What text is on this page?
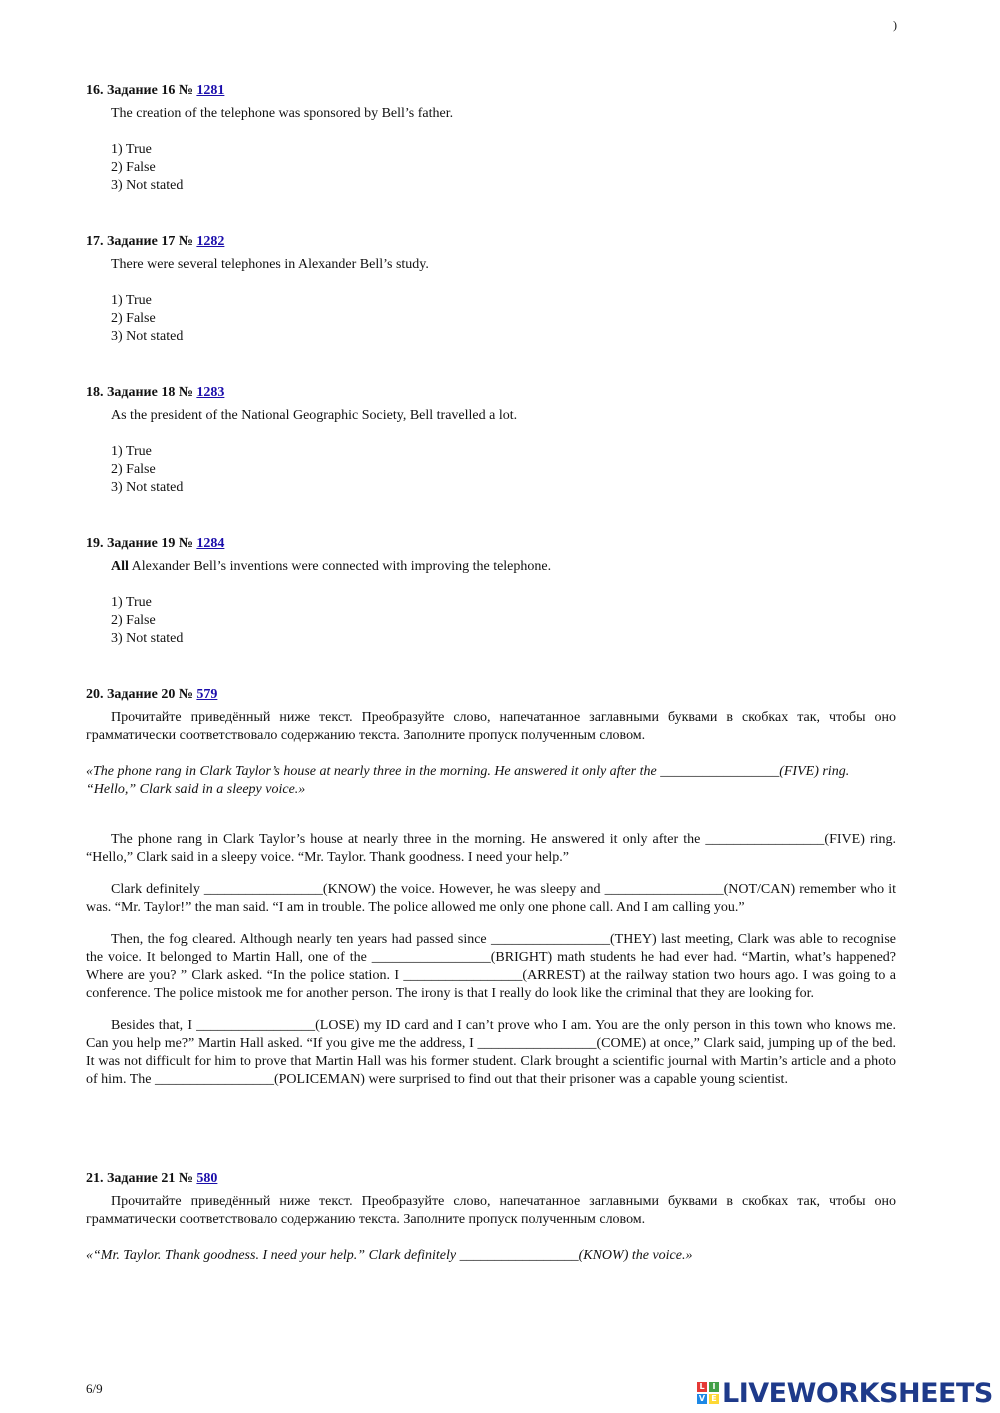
)
16. Задание 16 № 1281
The creation of the telephone was sponsored by Bell’s father.
1) True
2) False
3) Not stated
17. Задание 17 № 1282
There were several telephones in Alexander Bell’s study.
1) True
2) False
3) Not stated
18. Задание 18 № 1283
As the president of the National Geographic Society, Bell travelled a lot.
1) True
2) False
3) Not stated
19. Задание 19 № 1284
All Alexander Bell’s inventions were connected with improving the telephone.
1) True
2) False
3) Not stated
20. Задание 20 № 579
Прочитайте приведённый ниже текст. Преобразуйте слово, напечатанное заглавными буквами в скобках так, чтобы оно грамматически соответствовало содержанию текста. Заполните пропуск полученным словом.
«The phone rang in Clark Taylor’s house at nearly three in the morning. He answered it only after the _________________(FIVE) ring. “Hello,” Clark said in a sleepy voice.»
The phone rang in Clark Taylor’s house at nearly three in the morning. He answered it only after the _________________(FIVE) ring. “Hello,” Clark said in a sleepy voice. “Mr. Taylor. Thank goodness. I need your help.”
Clark definitely _________________(KNOW) the voice. However, he was sleepy and _________________(NOT/CAN) remember who it was. “Mr. Taylor!” the man said. “I am in trouble. The police allowed me only one phone call. And I am calling you.”
Then, the fog cleared. Although nearly ten years had passed since _________________(THEY) last meeting, Clark was able to recognise the voice. It belonged to Martin Hall, one of the _________________(BRIGHT) math students he had ever had. “Martin, what’s happened? Where are you? ” Clark asked. “In the police station. I _________________(ARREST) at the railway station two hours ago. I was going to a conference. The police mistook me for another person. The irony is that I really do look like the criminal that they are looking for.
Besides that, I _________________(LOSE) my ID card and I can’t prove who I am. You are the only person in this town who knows me. Can you help me?” Martin Hall asked. “If you give me the address, I _________________(COME) at once,” Clark said, jumping up of the bed. It was not difficult for him to prove that Martin Hall was his former student. Clark brought a scientific journal with Martin’s article and a photo of him. The _________________(POLICEMAN) were surprised to find out that their prisoner was a capable young scientist.
21. Задание 21 № 580
Прочитайте приведённый ниже текст. Преобразуйте слово, напечатанное заглавными буквами в скобках так, чтобы оно грамматически соответствовало содержанию текста. Заполните пропуск полученным словом.
«“Mr. Taylor. Thank goodness. I need your help.” Clark definitely _________________(KNOW) the voice.»
6/9	L I
V E LIVEWORKSHEETS
